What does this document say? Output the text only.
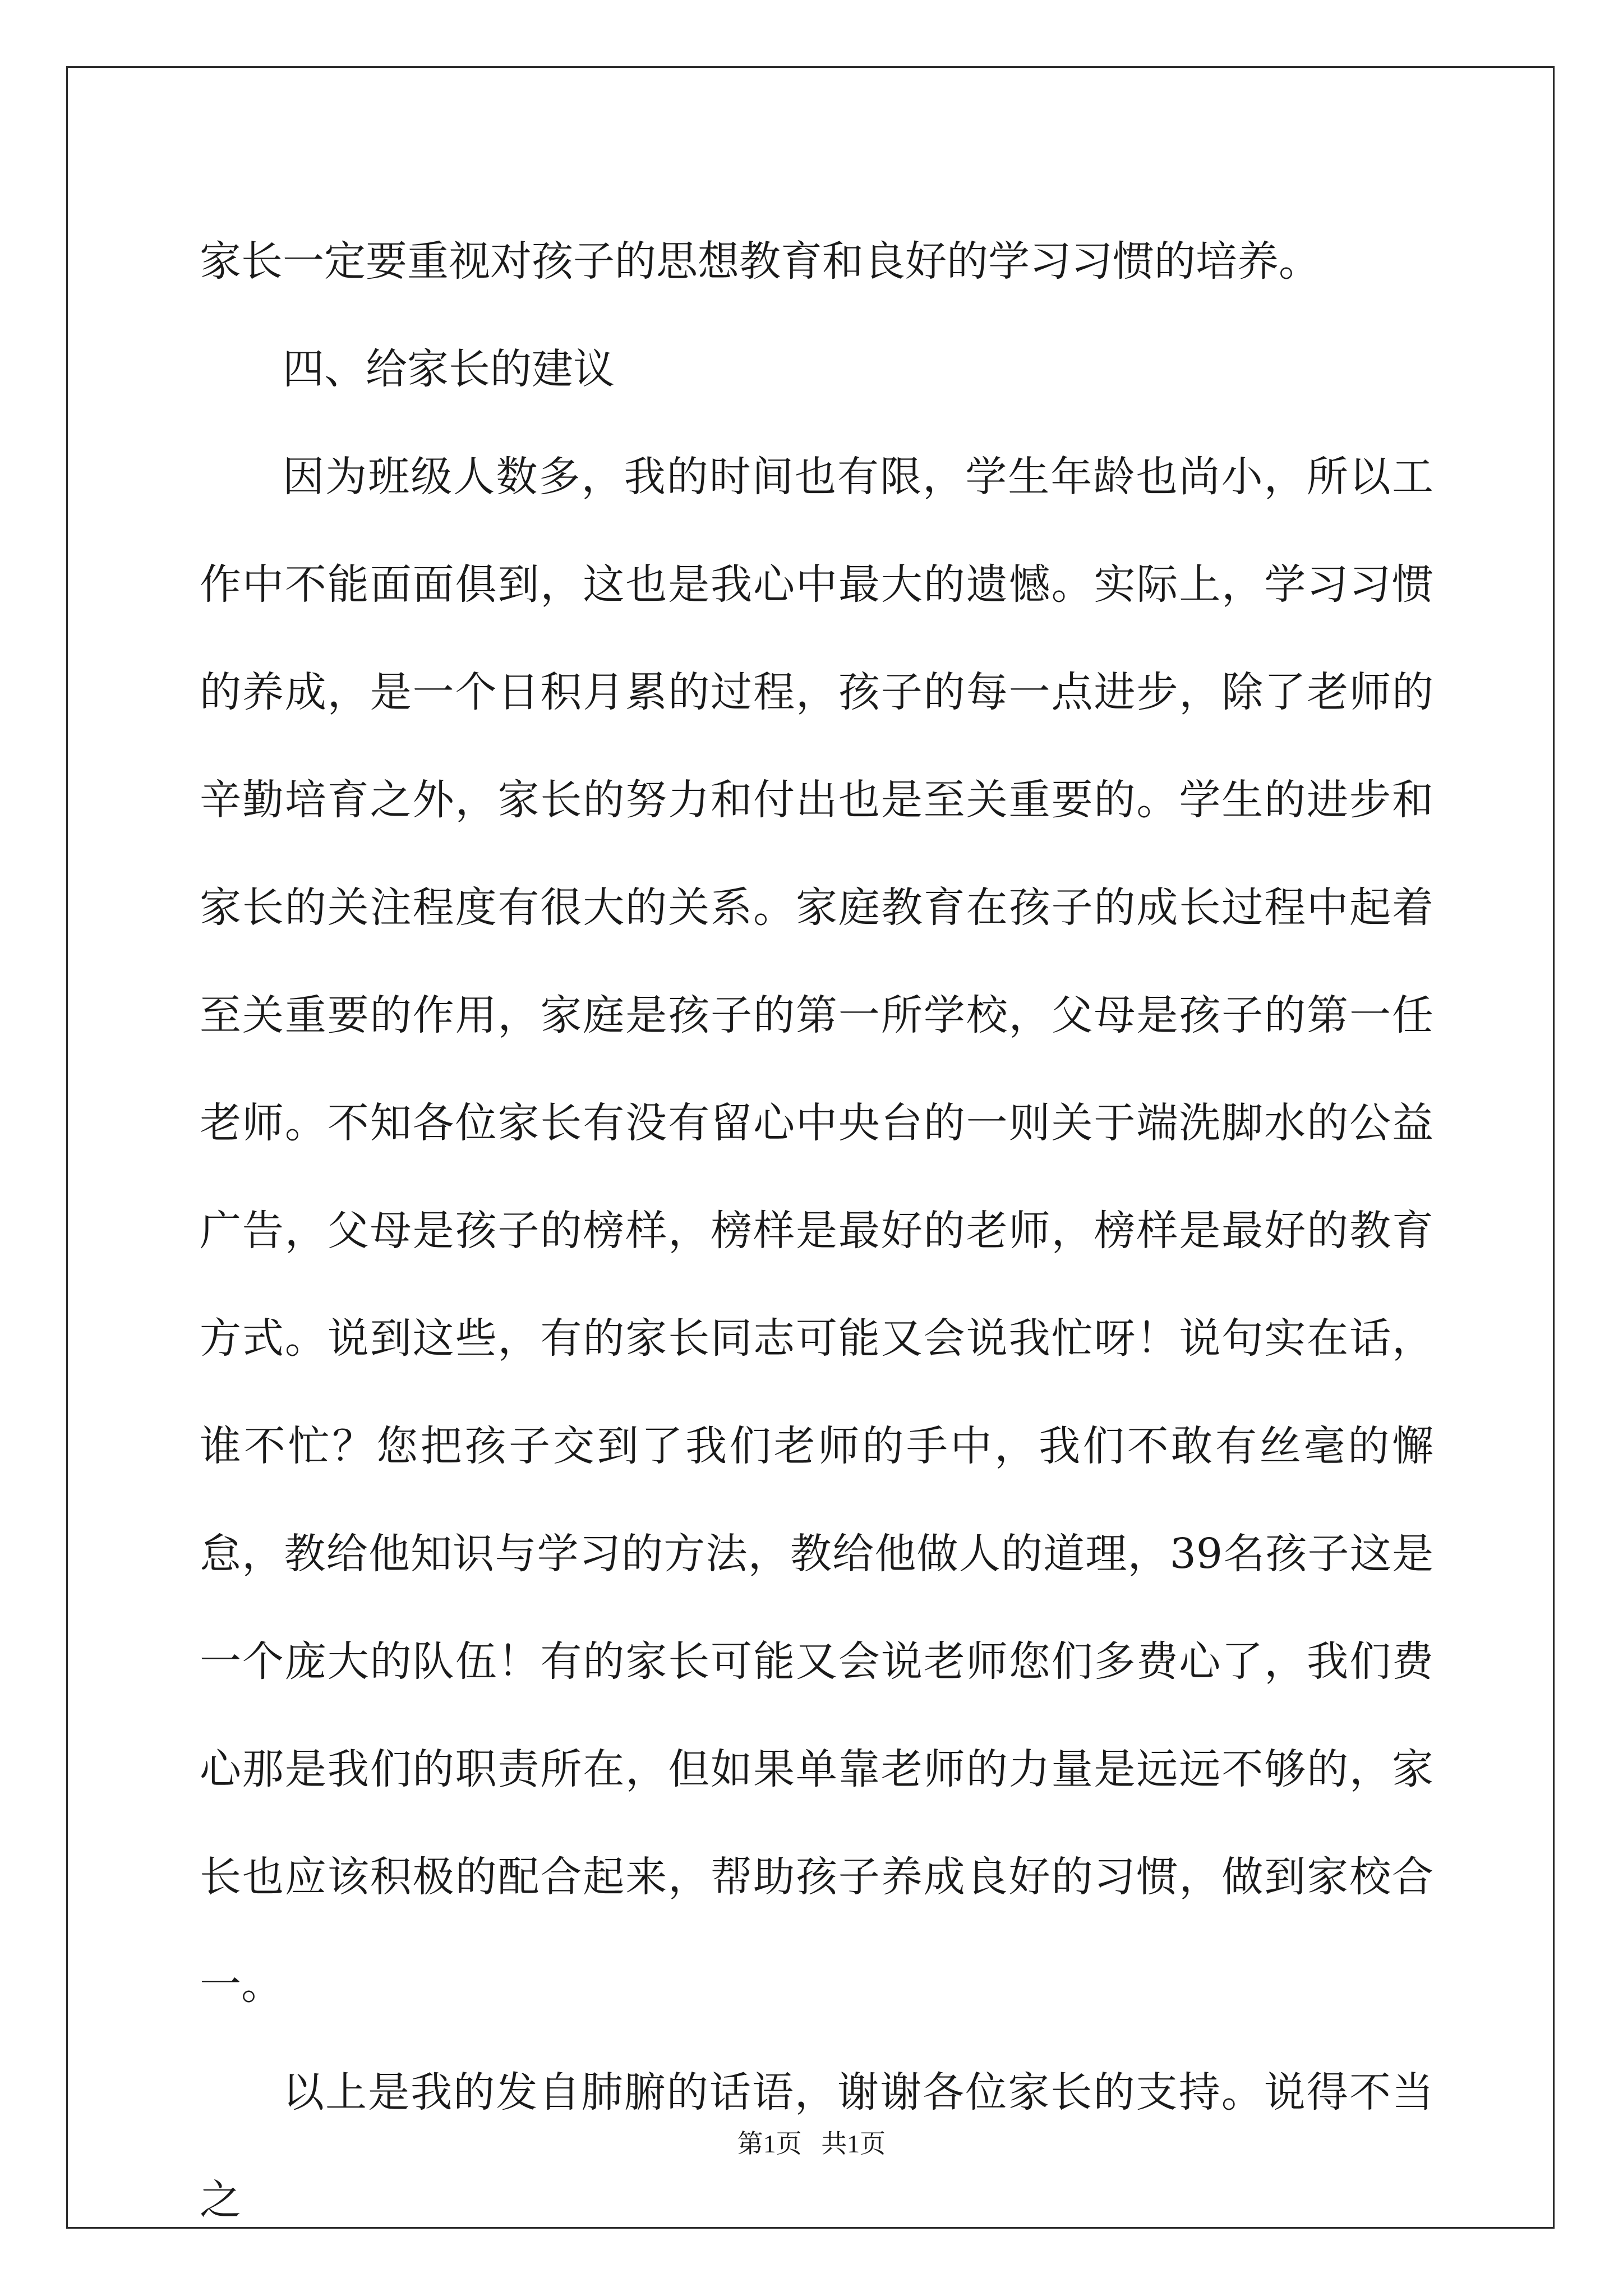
家长一定要重视对孩子的思想教育和良好的学习习惯的培养。

四、给家长的建议

因为班级人数多，我的时间也有限，学生年龄也尚小，所以工作中不能面面俱到，这也是我心中最大的遗憾。实际上，学习习惯的养成，是一个日积月累的过程，孩子的每一点进步，除了老师的辛勤培育之外，家长的努力和付出也是至关重要的。学生的进步和家长的关注程度有很大的关系。家庭教育在孩子的成长过程中起着至关重要的作用，家庭是孩子的第一所学校，父母是孩子的第一任老师。不知各位家长有没有留心中央台的一则关于端洗脚水的公益广告，父母是孩子的榜样，榜样是最好的老师，榜样是最好的教育方式。说到这些，有的家长同志可能又会说我忙呀！说句实在话，谁不忙？您把孩子交到了我们老师的手中，我们不敢有丝毫的懈怠，教给他知识与学习的方法，教给他做人的道理，39名孩子这是一个庞大的队伍！有的家长可能又会说老师您们多费心了，我们费心那是我们的职责所在，但如果单靠老师的力量是远远不够的，家长也应该积极的配合起来，帮助孩子养成良好的习惯，做到家校合一。

以上是我的发自肺腑的话语，谢谢各位家长的支持。说得不当之

第1页 共1页
